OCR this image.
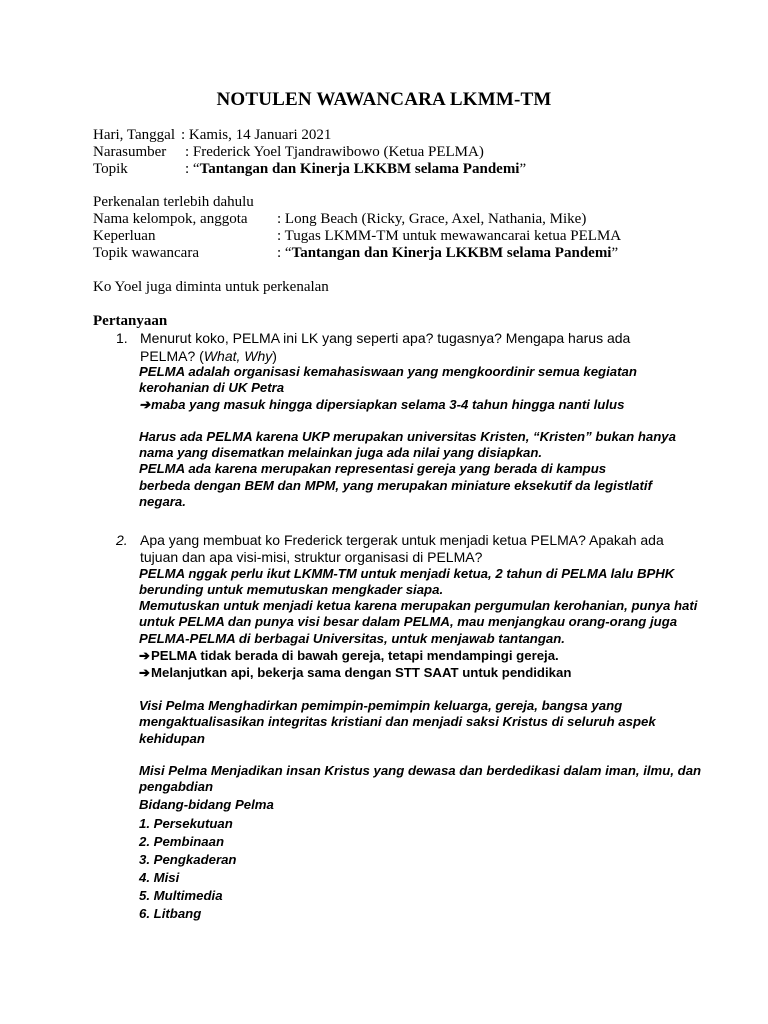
NOTULEN WAWANCARA LKMM-TM
Hari, Tanggal : Kamis, 14 Januari 2021
Narasumber : Frederick Yoel Tjandrawibowo (Ketua PELMA)
Topik	: “Tantangan dan Kinerja LKKBM selama Pandemi”
Perkenalan terlebih dahulu
Nama kelompok, anggota : Long Beach (Ricky, Grace, Axel, Nathania, Mike)
Keperluan	: Tugas LKMM-TM untuk mewawancarai ketua PELMA
Topik wawancara	: “Tantangan dan Kinerja LKKBM selama Pandemi”
Ko Yoel juga diminta untuk perkenalan
Pertanyaan
1. Menurut koko, PELMA ini LK yang seperti apa? tugasnya? Mengapa harus ada
PELMA? (What, Why)
PELMA adalah organisasi kemahasiswaan yang mengkoordinir semua kegiatan
kerohanian di UK Petra
➔maba yang masuk hingga dipersiapkan selama 3-4 tahun hingga nanti lulus
Harus ada PELMA karena UKP merupakan universitas Kristen, “Kristen” bukan hanya
nama yang disematkan melainkan juga ada nilai yang disiapkan.
PELMA ada karena merupakan representasi gereja yang berada di kampus
berbeda dengan BEM dan MPM, yang merupakan miniature eksekutif da legistlatif
negara.
2. Apa yang membuat ko Frederick tergerak untuk menjadi ketua PELMA? Apakah ada
tujuan dan apa visi-misi, struktur organisasi di PELMA?
PELMA nggak perlu ikut LKMM-TM untuk menjadi ketua, 2 tahun di PELMA lalu BPHK
berunding untuk memutuskan mengkader siapa.
Memutuskan untuk menjadi ketua karena merupakan pergumulan kerohanian, punya hati
untuk PELMA dan punya visi besar dalam PELMA, mau menjangkau orang-orang juga
PELMA-PELMA di berbagai Universitas, untuk menjawab tantangan.
➔PELMA tidak berada di bawah gereja, tetapi mendampingi gereja.
➔Melanjutkan api, bekerja sama dengan STT SAAT untuk pendidikan
Visi Pelma Menghadirkan pemimpin-pemimpin keluarga, gereja, bangsa yang
mengaktualisasikan integritas kristiani dan menjadi saksi Kristus di seluruh aspek
kehidupan
Misi Pelma Menjadikan insan Kristus yang dewasa dan berdedikasi dalam iman, ilmu, dan
pengabdian
Bidang-bidang Pelma
1. Persekutuan
2. Pembinaan
3. Pengkaderan
4. Misi
5. Multimedia
6. Litbang
